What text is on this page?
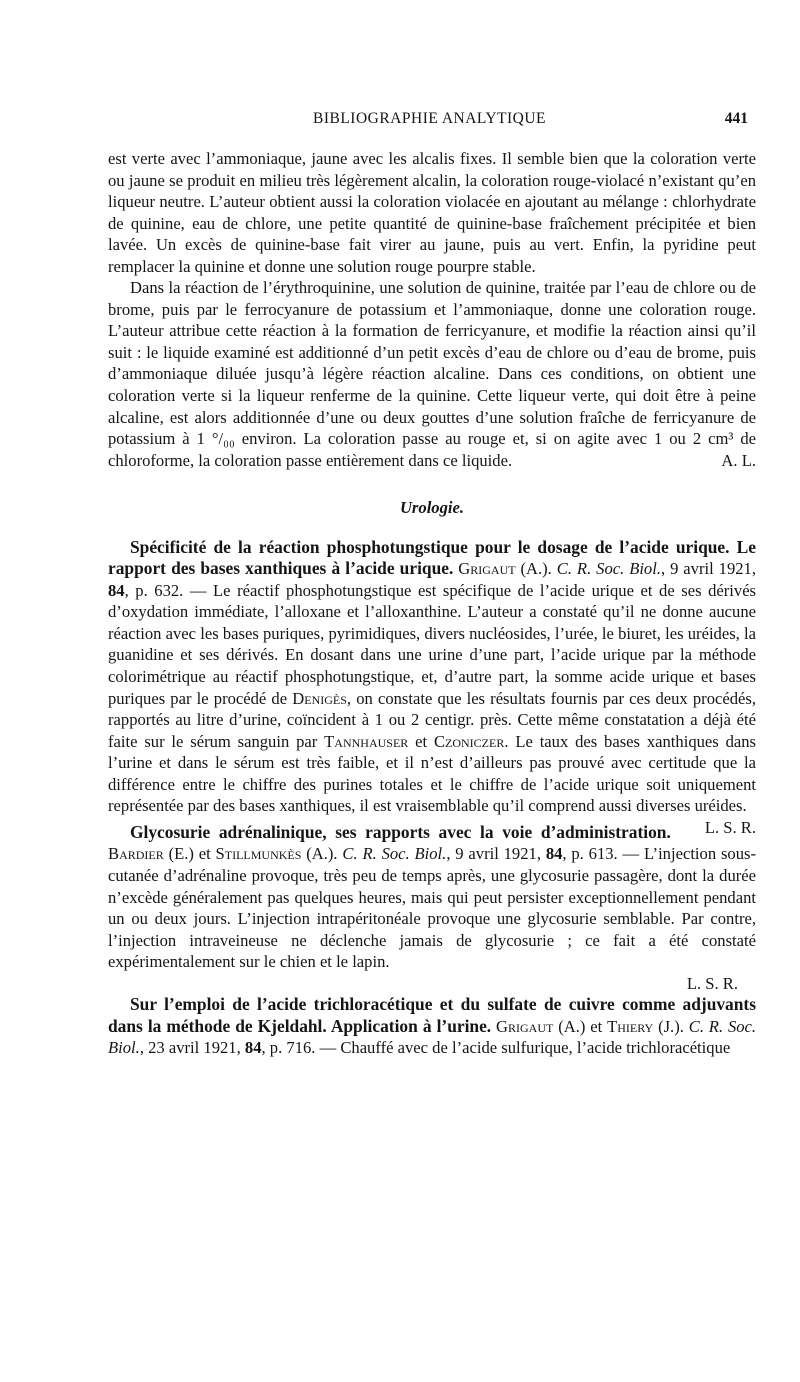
BIBLIOGRAPHIE ANALYTIQUE	441

est verte avec l’ammoniaque, jaune avec les alcalis fixes. Il semble bien que la coloration verte ou jaune se produit en milieu très légèrement alcalin, la coloration rouge-violacé n’existant qu’en liqueur neutre. L’auteur obtient aussi la coloration violacée en ajoutant au mélange : chlorhydrate de quinine, eau de chlore, une petite quantité de quinine-base fraîchement précipitée et bien lavée. Un excès de quinine-base fait virer au jaune, puis au vert. Enfin, la pyridine peut remplacer la quinine et donne une solution rouge pourpre stable.

Dans la réaction de l’érythroquinine, une solution de quinine, traitée par l’eau de chlore ou de brome, puis par le ferrocyanure de potassium et l’ammoniaque, donne une coloration rouge. L’auteur attribue cette réaction à la formation de ferricyanure, et modifie la réaction ainsi qu’il suit : le liquide examiné est additionné d’un petit excès d’eau de chlore ou d’eau de brome, puis d’ammoniaque diluée jusqu’à légère réaction alcaline. Dans ces conditions, on obtient une coloration verte si la liqueur renferme de la quinine. Cette liqueur verte, qui doit être à peine alcaline, est alors additionnée d’une ou deux gouttes d’une solution fraîche de ferricyanure de potassium à 1 °/₀₀ environ. La coloration passe au rouge et, si on agite avec 1 ou 2 cm³ de chloroforme, la coloration passe entièrement dans ce liquide.	A. L.

Urologie.

Spécificité de la réaction phosphotungstique pour le dosage de l’acide urique. Le rapport des bases xanthiques à l’acide urique. Grigaut (A.). C. R. Soc. Biol., 9 avril 1921, 84, p. 632. — Le réactif phosphotungstique est spécifique de l’acide urique et de ses dérivés d’oxydation immédiate, l’alloxane et l’alloxanthine. L’auteur a constaté qu’il ne donne aucune réaction avec les bases puriques, pyrimidiques, divers nucléosides, l’urée, le biuret, les uréides, la guanidine et ses dérivés. En dosant dans une urine d’une part, l’acide urique par la méthode colorimétrique au réactif phosphotungstique, et, d’autre part, la somme acide urique et bases puriques par le procédé de Denigès, on constate que les résultats fournis par ces deux procédés, rapportés au litre d’urine, coïncident à 1 ou 2 centigr. près. Cette même constatation a déjà été faite sur le sérum sanguin par Tannhauser et Czoniczer. Le taux des bases xanthiques dans l’urine et dans le sérum est très faible, et il n’est d’ailleurs pas prouvé avec certitude que la différence entre le chiffre des purines totales et le chiffre de l’acide urique soit uniquement représentée par des bases xanthiques, il est vraisemblable qu’il comprend aussi diverses uréides.
L. S. R.

Glycosurie adrénalinique, ses rapports avec la voie d’administration. Bardier (E.) et Stillmunkès (A.). C. R. Soc. Biol., 9 avril 1921, 84, p. 613. — L’injection sous-cutanée d’adrénaline provoque, très peu de temps après, une glycosurie passagère, dont la durée n’excède généralement pas quelques heures, mais qui peut persister exceptionnellement pendant un ou deux jours. L’injection intrapéritonéale provoque une glycosurie semblable. Par contre, l’injection intraveineuse ne déclenche jamais de glycosurie ; ce fait a été constaté expérimentalement sur le chien et le lapin.

L. S. R.

Sur l’emploi de l’acide trichloracétique et du sulfate de cuivre comme adjuvants dans la méthode de Kjeldahl. Application à l’urine. Grigaut (A.) et Thiery (J.). C. R. Soc. Biol., 23 avril 1921, 84, p. 716. — Chauffé avec de l’acide sulfurique, l’acide trichloracétique
